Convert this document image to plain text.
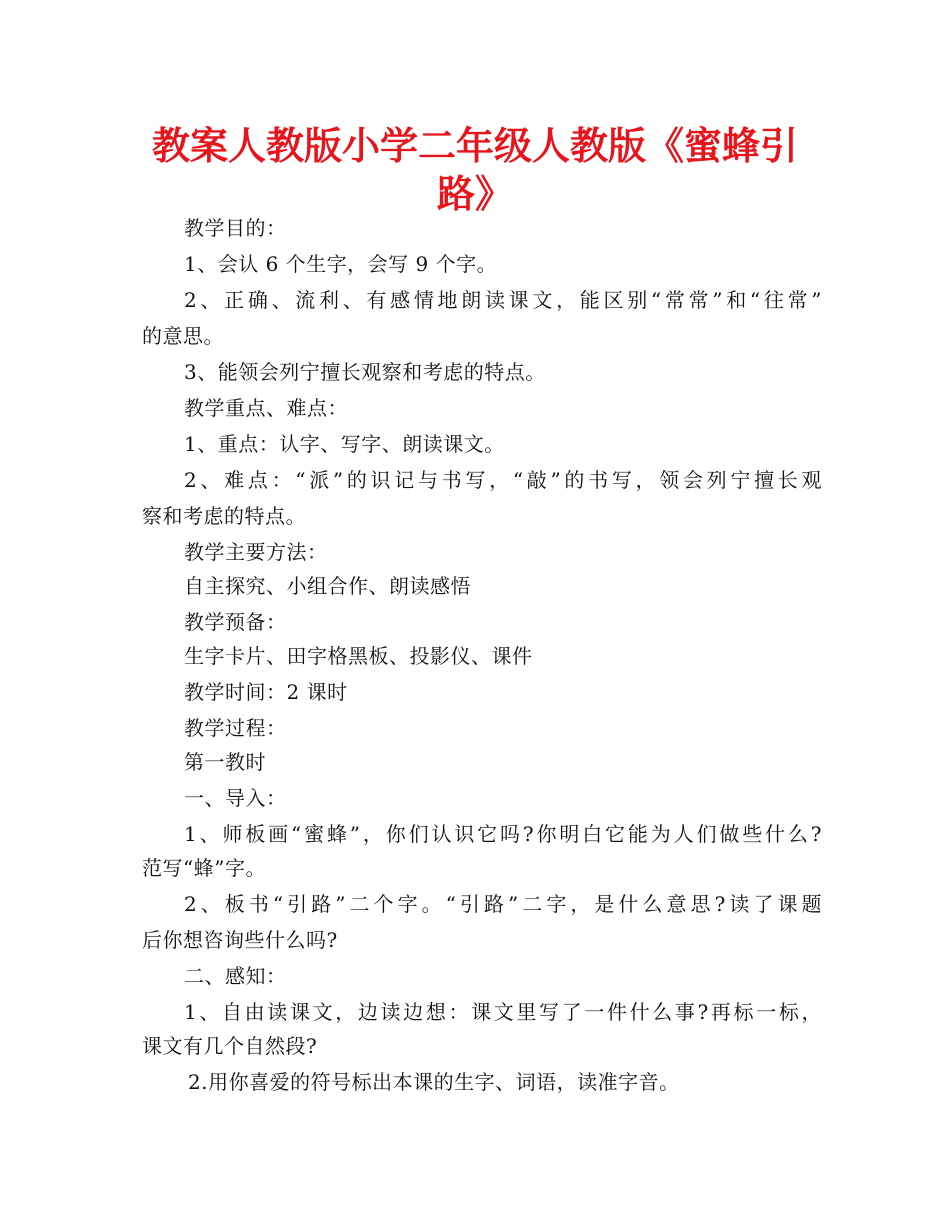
教案人教版小学二年级人教版《蜜蜂引
路》
教学目的：
1、会认 6 个生字，会写 9 个字。
2、正确、流利、有感情地朗读课文，能区别“常常”和“往常”
的意思。
3、能领会列宁擅长观察和考虑的特点。
教学重点、难点：
1、重点：认字、写字、朗读课文。
2、难点：“派”的识记与书写，“敲”的书写，领会列宁擅长观
察和考虑的特点。
教学主要方法：
自主探究、小组合作、朗读感悟
教学预备：
生字卡片、田字格黑板、投影仪、课件
教学时间：2 课时
教学过程：
第一教时
一、导入：
1、师板画“蜜蜂”，你们认识它吗?你明白它能为人们做些什么?
范写“蜂”字。
2、板书“引路”二个字。“引路”二字，是什么意思?读了课题
后你想咨询些什么吗?
二、感知：
1、自由读课文，边读边想：课文里写了一件什么事?再标一标，
课文有几个自然段?
2.用你喜爱的符号标出本课的生字、词语，读准字音。
